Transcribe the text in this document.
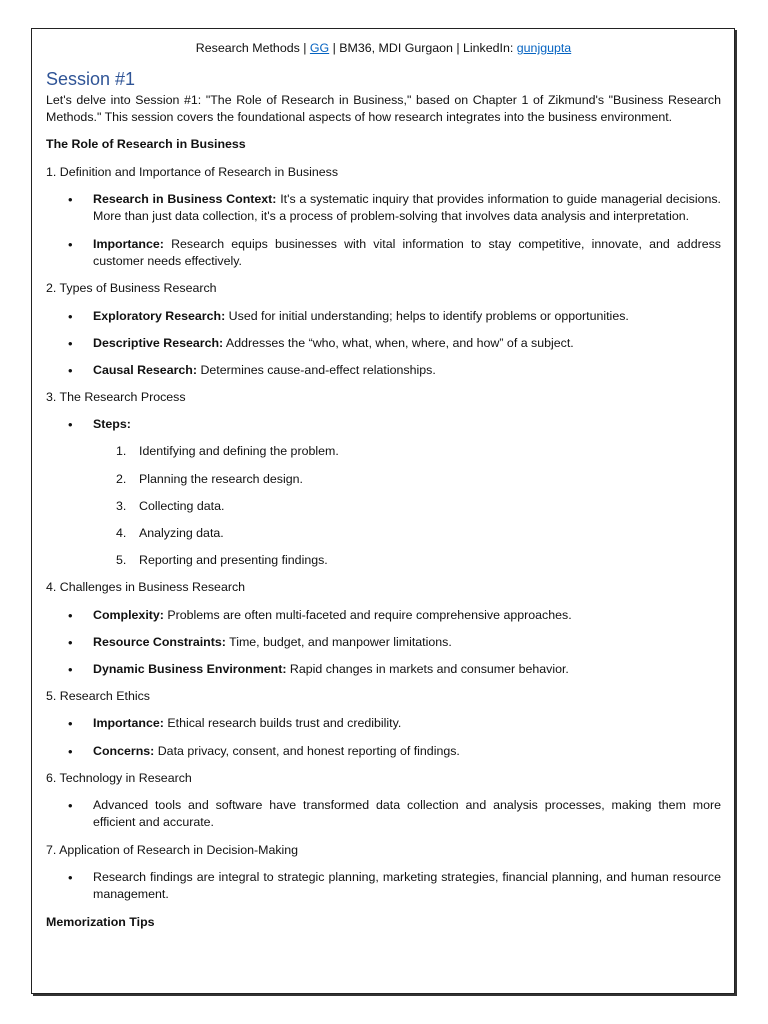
Research Methods | GG | BM36, MDI Gurgaon | LinkedIn: gunjgupta
Session #1

Let's delve into Session #1: "The Role of Research in Business," based on Chapter 1 of Zikmund's "Business Research Methods." This session covers the foundational aspects of how research integrates into the business environment.

The Role of Research in Business

1. Definition and Importance of Research in Business

• Research in Business Context: It's a systematic inquiry that provides information to guide managerial decisions. More than just data collection, it's a process of problem-solving that involves data analysis and interpretation.
• Importance: Research equips businesses with vital information to stay competitive, innovate, and address customer needs effectively.

2. Types of Business Research

• Exploratory Research: Used for initial understanding; helps to identify problems or opportunities.
• Descriptive Research: Addresses the “who, what, when, where, and how” of a subject.
• Causal Research: Determines cause-and-effect relationships.

3. The Research Process

• Steps:
1. Identifying and defining the problem.
2. Planning the research design.
3. Collecting data.
4. Analyzing data.
5. Reporting and presenting findings.

4. Challenges in Business Research

• Complexity: Problems are often multi-faceted and require comprehensive approaches.
• Resource Constraints: Time, budget, and manpower limitations.
• Dynamic Business Environment: Rapid changes in markets and consumer behavior.

5. Research Ethics

• Importance: Ethical research builds trust and credibility.
• Concerns: Data privacy, consent, and honest reporting of findings.

6. Technology in Research

• Advanced tools and software have transformed data collection and analysis processes, making them more efficient and accurate.

7. Application of Research in Decision-Making

• Research findings are integral to strategic planning, marketing strategies, financial planning, and human resource management.

Memorization Tips
